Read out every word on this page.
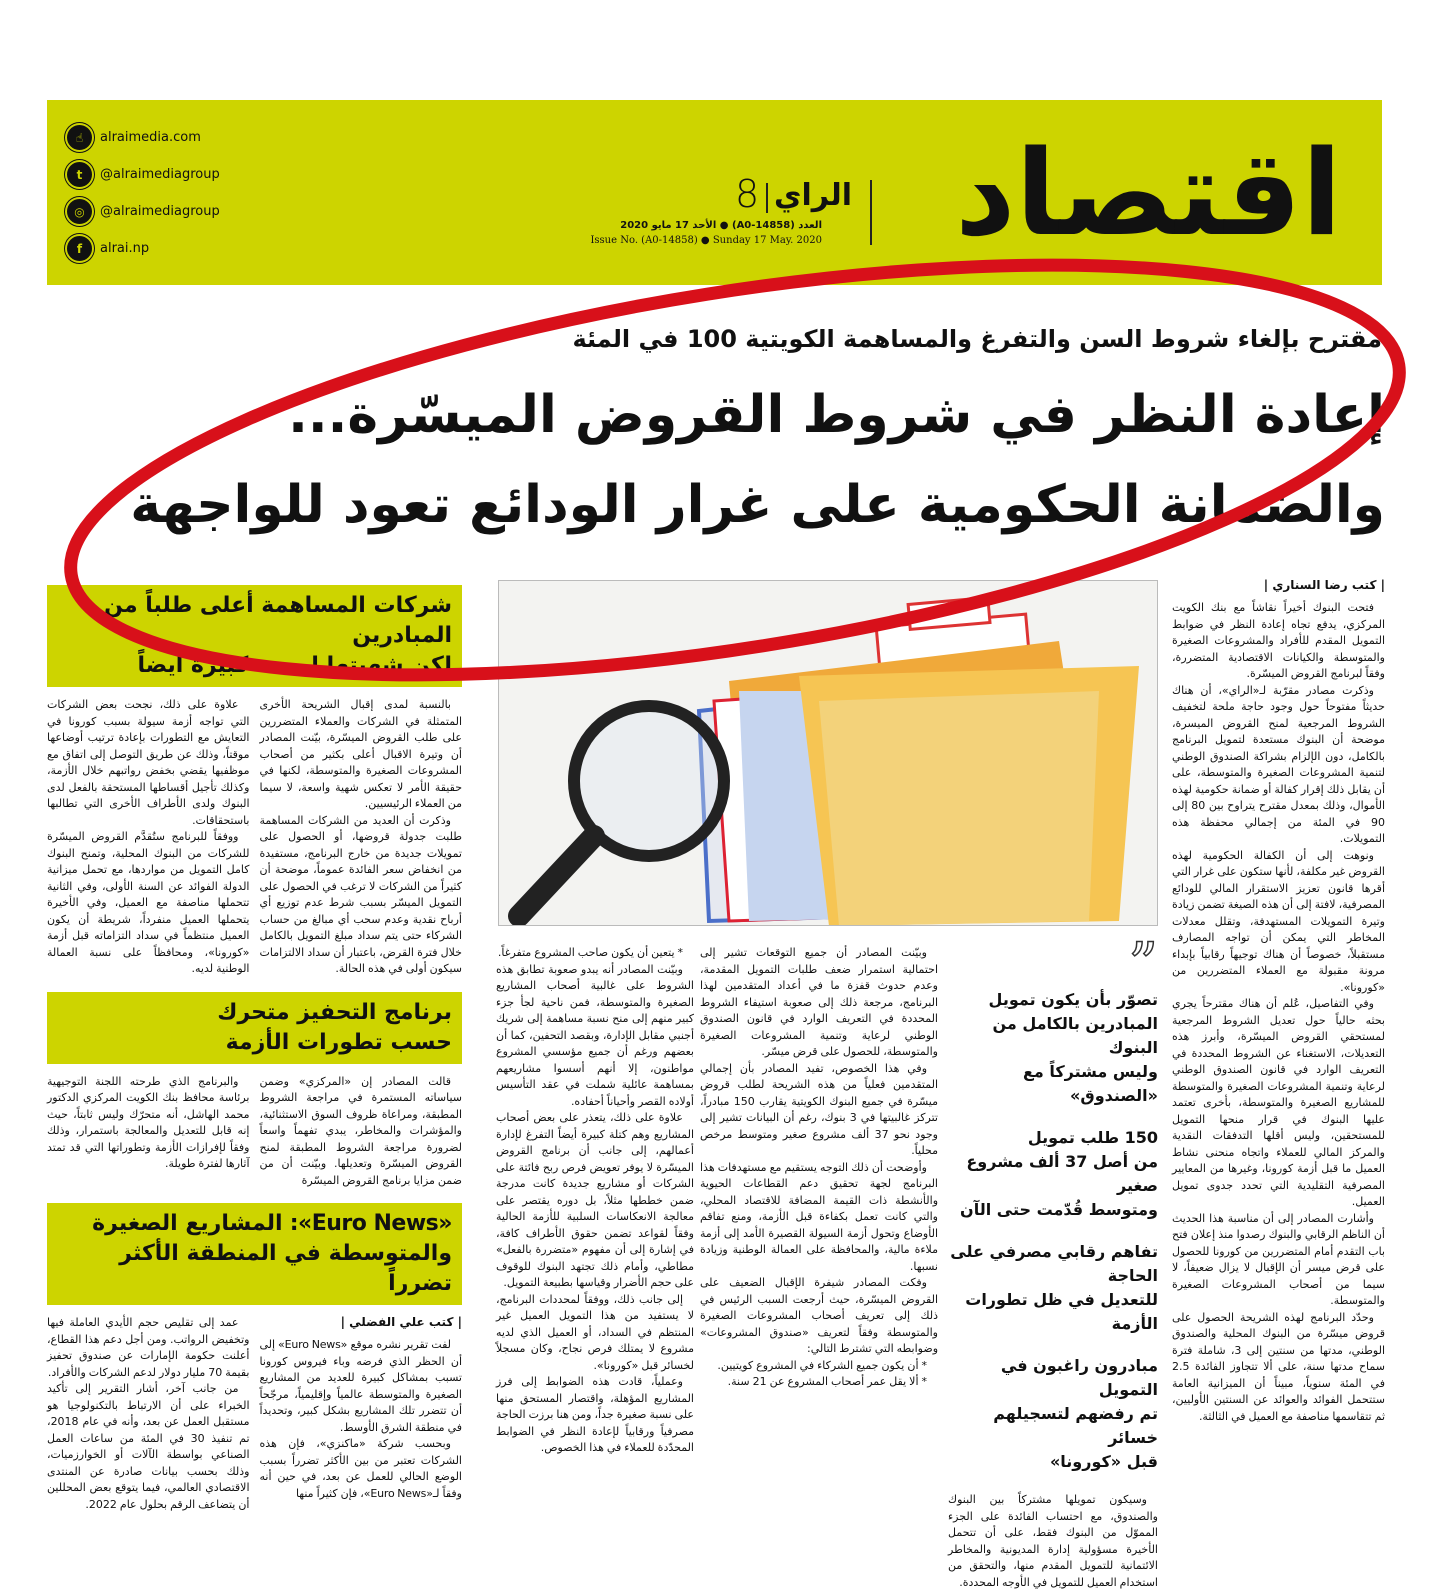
اقتصاد
الراي
8
العدد (A0-14858) ● الأحد 17 مايو 2020
Issue No. (A0-14858) ● Sunday 17 May. 2020
☝	alraimedia.com
t	@alraimediagroup
◎	@alraimediagroup
f	alrai.np
مقترح بإلغاء شروط السن والتفرغ والمساهمة الكويتية 100 في المئة
إعادة النظر في شروط القروض الميسّرة...
والضمانة الحكومية على غرار الودائع تعود للواجهة
| كتب رضا السناري |

فتحت البنوك أخيراً نقاشاً مع بنك الكويت المركزي، يدفع تجاه إعادة النظر في ضوابط التمويل المقدم للأفراد والمشروعات الصغيرة والمتوسطة والكيانات الاقتصادية المتضررة، وفقاً لبرنامج القروض الميسّرة.

وذكرت مصادر مقرّبة لـ«الراي»، أن هناك حديثاً مفتوحاً حول وجود حاجة ملحة لتخفيف الشروط المرجعية لمنح القروض الميسرة، موضحة أن البنوك مستعدة لتمويل البرنامج بالكامل، دون الإلزام بشراكة الصندوق الوطني لتنمية المشروعات الصغيرة والمتوسطة، على أن يقابل ذلك إقرار كفالة أو ضمانة حكومية لهذه الأموال، وذلك بمعدل مقترح يتراوح بين 80 إلى 90 في المئة من إجمالي محفظة هذه التمويلات.

ونوهت إلى أن الكفالة الحكومية لهذه القروض غير مكلفة، لأنها ستكون على غرار التي أقرها قانون تعزيز الاستقرار المالي للودائع المصرفية، لافتة إلى أن هذه الصيغة تضمن زيادة وتيرة التمويلات المستهدفة، وتقلل معدلات المخاطر التي يمكن أن تواجه المصارف مستقبلاً، خصوصاً أن هناك توجيهاً رقابياً بإبداء مرونة مقبولة مع العملاء المتضررين من «كورونا».

وفي التفاصيل، عُلم أن هناك مقترحاً يجري بحثه حالياً حول تعديل الشروط المرجعية لمستحقي القروض الميسّرة، وأبرز هذه التعديلات، الاستغناء عن الشروط المحددة في التعريف الوارد في قانون الصندوق الوطني لرعاية وتنمية المشروعات الصغيرة والمتوسطة للمشاريع الصغيرة والمتوسطة، بأخرى تعتمد عليها البنوك في قرار منحها التمويل للمستحقين، وليس أقلها التدفقات النقدية والمركز المالي للعملاء واتجاه منحنى نشاط العميل ما قبل أزمة كورونا، وغيرها من المعايير المصرفية التقليدية التي تحدد جدوى تمويل العميل.

وأشارت المصادر إلى أن مناسبة هذا الحديث أن الناظم الرقابي والبنوك رصدوا منذ إعلان فتح باب التقدم أمام المتضررين من كورونا للحصول على قرض ميسر أن الإقبال لا يزال ضعيفاً، لا سيما من أصحاب المشروعات الصغيرة والمتوسطة.

وحدّد البرنامج لهذه الشريحة الحصول على قروض ميسّرة من البنوك المحلية والصندوق الوطني، مدتها من سنتين إلى 3، شاملة فترة سماح مدتها سنة، على ألا تتجاوز الفائدة 2.5 في المئة سنوياً، مبيناً أن الميزانية العامة ستتحمل الفوائد والعوائد عن السنتين الأوليين، ثم تتقاسمها مناصفة مع العميل في الثالثة.

”
تصوّر بأن يكون تمويل
المبادرين بالكامل من البنوك
وليس مشتركاً مع «الصندوق»
150 طلب تمويل
من أصل 37 ألف مشروع صغير
ومتوسط قُدّمت حتى الآن
تفاهم رقابي مصرفي على الحاجة
للتعديل في ظل تطورات الأزمة
مبادرون راغبون في التمويل
تم رفضهم لتسجيلهم خسائر
قبل «كورونا»

وسيكون تمويلها مشتركاً بين البنوك والصندوق، مع احتساب الفائدة على الجزء المموّل من البنوك فقط، على أن تتحمل الأخيرة مسؤولية إدارة المديونية والمخاطر الائتمانية للتمويل المقدم منها، والتحقق من استخدام العميل للتمويل في الأوجه المحددة.

وبيّنت المصادر أن جميع التوقعات تشير إلى احتمالية استمرار ضعف طلبات التمويل المقدمة، وعدم حدوث قفزة ما في أعداد المتقدمين لهذا البرنامج، مرجعة ذلك إلى صعوبة استيفاء الشروط المحددة في التعريف الوارد في قانون الصندوق الوطني لرعاية وتنمية المشروعات الصغيرة والمتوسطة، للحصول على قرض ميسّر.

وفي هذا الخصوص، تفيد المصادر بأن إجمالي المتقدمين فعلياً من هذه الشريحة لطلب قروض ميسّرة في جميع البنوك الكويتية يقارب 150 مبادراً، تتركز غالبيتها في 3 بنوك، رغم أن البيانات تشير إلى وجود نحو 37 ألف مشروع صغير ومتوسط مرخص محلياً.

وأوضحت أن ذلك التوجه يستقيم مع مستهدفات هذا البرنامج لجهة تحقيق دعم القطاعات الحيوية والأنشطة ذات القيمة المضافة للاقتصاد المحلي، والتي كانت تعمل بكفاءة قبل الأزمة، ومنع تفاقم الأوضاع وتحول أزمة السيولة القصيرة الأمد إلى أزمة ملاءة مالية، والمحافظة على العمالة الوطنية وزيادة نسبها.

وفكت المصادر شيفرة الإقبال الضعيف على القروض الميسّرة، حيث أرجعت السبب الرئيس في ذلك إلى تعريف أصحاب المشروعات الصغيرة والمتوسطة وفقاً لتعريف «صندوق المشروعات» وضوابطه التي تشترط التالي:

* أن يكون جميع الشركاء في المشروع كويتيين.

* ألا يقل عمر أصحاب المشروع عن 21 سنة.

* يتعين أن يكون صاحب المشروع متفرغاً.

وبيّنت المصادر أنه يبدو صعوبة تطابق هذه الشروط على غالبية أصحاب المشاريع الصغيرة والمتوسطة، فمن ناحية لجأ جزء كبير منهم إلى منح نسبة مساهمة إلى شريك أجنبي مقابل الإدارة، وبقصد التحفين، كما أن بعضهم ورغم أن جميع مؤسسي المشروع مواطنون، إلا أنهم أسسوا مشاريعهم بمساهمة عائلية شملت في عقد التأسيس أولاده القصر وأحياناً أحفاده.

علاوة على ذلك، يتعذر على بعض أصحاب المشاريع وهم كتلة كبيرة أيضاً التفرغ لإدارة أعمالهم، إلى جانب أن برنامج القروض الميسّرة لا يوفر تعويض فرص ربح فائتة على الشركات أو مشاريع جديدة كانت مدرجة ضمن خططها مثلاً، بل دوره يقتصر على معالجة الانعكاسات السلبية للأزمة الحالية وفقاً لقواعد تضمن حقوق الأطراف كافة، في إشارة إلى أن مفهوم «متضررة بالفعل» مطاطي، وأمام ذلك تجتهد البنوك للوقوف على حجم الأضرار وقياسها بطبيعة التمويل.

إلى جانب ذلك، ووفقاً لمحددات البرنامج، لا يستفيد من هذا التمويل العميل غير المنتظم في السداد، أو العميل الذي لديه مشروع لا يمتلك فرص نجاح، وكان مسجلاً لخسائر قبل «كورونا».

وعملياً، قادت هذه الضوابط إلى فرز المشاريع المؤهلة، واقتصار المستحق منها على نسبة صغيرة جداً، ومن هنا برزت الحاجة مصرفياً ورقابياً لإعادة النظر في الضوابط المحدّدة للعملاء في هذا الخصوص.

شركات المساهمة أعلى طلباً من المبادرين
لكن شهيتها ليست كبيرة أيضاً

بالنسبة لمدى إقبال الشريحة الأخرى المتمثلة في الشركات والعملاء المتضررين على طلب القروض الميسّرة، بيّنت المصادر أن وتيرة الاقبال أعلى بكثير من أصحاب المشروعات الصغيرة والمتوسطة، لكنها في حقيقة الأمر لا تعكس شهية واسعة، لا سيما من العملاء الرئيسيين.

وذكرت أن العديد من الشركات المساهمة طلبت جدولة قروضها، أو الحصول على تمويلات جديدة من خارج البرنامج، مستفيدة من انخفاض سعر الفائدة عموماً، موضحة أن كثيراً من الشركات لا ترغب في الحصول على التمويل الميسّر بسبب شرط عدم توزيع أي أرباح نقدية وعدم سحب أي مبالغ من حساب الشركاء حتى يتم سداد مبلغ التمويل بالكامل خلال فترة القرض، باعتبار أن سداد الالتزامات سيكون أولى في هذه الحالة.

علاوة على ذلك، نجحت بعض الشركات التي تواجه أزمة سيولة بسبب كورونا في التعايش مع التطورات بإعادة ترتيب أوضاعها موقتاً، وذلك عن طريق التوصل إلى اتفاق مع موظفيها يقضي بخفض رواتبهم خلال الأزمة، وكذلك تأجيل أقساطها المستحقة بالفعل لدى البنوك ولدى الأطراف الأخرى التي تطالبها باستحقاقات.

ووفقاً للبرنامج ستُقدَّم القروض الميسّرة للشركات من البنوك المحلية، وتمنح البنوك كامل التمويل من مواردها، مع تحمل ميزانية الدولة الفوائد عن السنة الأولى، وفي الثانية تتحملها مناصفة مع العميل، وفي الأخيرة يتحملها العميل منفرداً، شريطة أن يكون العميل منتظماً في سداد التزاماته قبل أزمة «كورونا»، ومحافظاً على نسبة العمالة الوطنية لديه.

برنامج التحفيز متحرك
حسب تطورات الأزمة

قالت المصادر إن «المركزي» وضمن سياساته المستمرة في مراجعة الشروط المطبقة، ومراعاة ظروف السوق الاستثنائية، والمؤشرات والمخاطر، يبدي تفهماً واسعاً لضرورة مراجعة الشروط المطبقة لمنح القروض الميسّرة وتعديلها. وبيّنت أن من ضمن مزايا برنامج القروض الميسّرة

والبرنامج الذي طرحته اللجنة التوجيهية برئاسة محافظ بنك الكويت المركزي الدكتور محمد الهاشل، أنه متحرّك وليس ثابتاً، حيث إنه قابل للتعديل والمعالجة باستمرار، وذلك وفقاً لإفرازات الأزمة وتطوراتها التي قد تمتد آثارها لفترة طويلة.

«Euro News»: المشاريع الصغيرة
والمتوسطة في المنطقة الأكثر تضرراً
| كتب علي الفضلي |

لفت تقرير نشره موقع «Euro News» إلى أن الحظر الذي فرضه وباء فيروس كورونا تسبب بمشاكل كبيرة للعديد من المشاريع الصغيرة والمتوسطة عالمياً وإقليمياً، مرجّحاً أن تتضرر تلك المشاريع بشكل كبير، وتحديداً في منطقة الشرق الأوسط.

وبحسب شركة «ماكنزي»، فإن هذه الشركات تعتبر من بين الأكثر تضرراً بسبب الوضع الحالي للعمل عن بعد، في حين أنه وفقاً لـ«Euro News»، فإن كثيراً منها

عمد إلى تقليص حجم الأيدي العاملة فيها وتخفيض الرواتب. ومن أجل دعم هذا القطاع، أعلنت حكومة الإمارات عن صندوق تحفيز بقيمة 70 مليار دولار لدعم الشركات والأفراد.

من جانب آخر، أشار التقرير إلى تأكيد الخبراء على أن الارتباط بالتكنولوجيا هو مستقبل العمل عن بعد، وأنه في عام 2018، تم تنفيذ 30 في المئة من ساعات العمل الصناعي بواسطة الآلات أو الخوارزميات، وذلك بحسب بيانات صادرة عن المنتدى الاقتصادي العالمي، فيما يتوقع بعض المحللين أن يتضاعف الرقم بحلول عام 2022.
